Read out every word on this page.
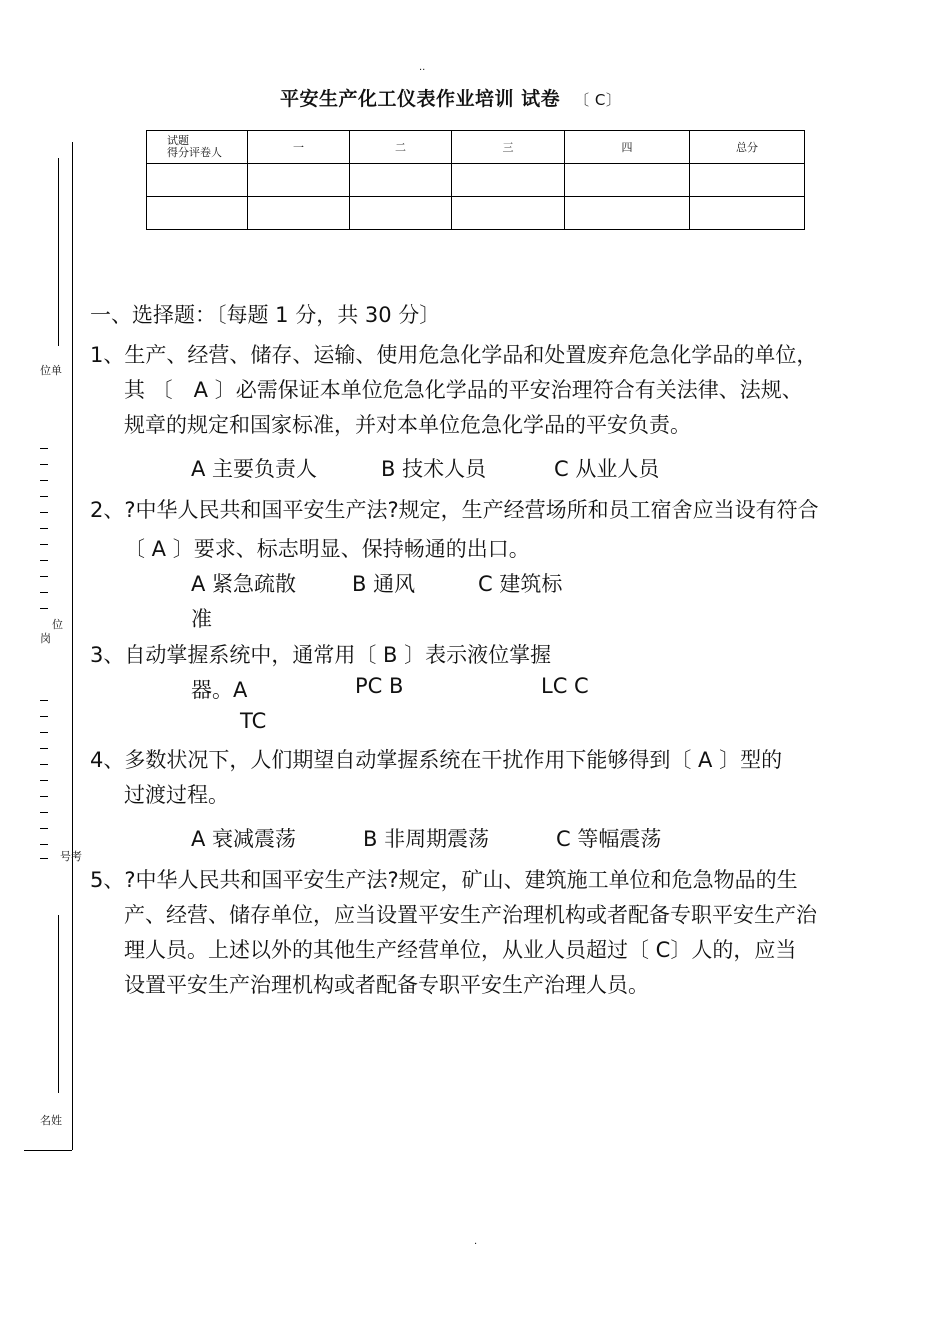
..
平安生产化工仪表作业培训 试卷 〔 C〕
试题
得分评卷人	一	二	三	四	总分

位单
位
岗
号考
名姓
一、选择题：〔每题 1 分，共 30 分〕
1、生产、经营、储存、运输、使用危急化学品和处置废弃危急化学品的单位，
其 〔　A 〕必需保证本单位危急化学品的平安治理符合有关法律、法规、
规章的规定和国家标准，并对本单位危急化学品的平安负责。
A 主要负责人	B 技术人员	C 从业人员
2、?中华人民共和国平安生产法?规定，生产经营场所和员工宿舍应当设有符合
〔 A 〕要求、标志明显、保持畅通的出口。
A 紧急疏散	B 通风	C 建筑标
准
3、自动掌握系统中，通常用〔 B 〕表示液位掌握
器。A	PC B	LC C
TC
4、多数状况下，人们期望自动掌握系统在干扰作用下能够得到〔 A 〕型的
过渡过程。
A 衰减震荡	B 非周期震荡	C 等幅震荡
5、?中华人民共和国平安生产法?规定，矿山、建筑施工单位和危急物品的生
产、经营、储存单位，应当设置平安生产治理机构或者配备专职平安生产治
理人员。上述以外的其他生产经营单位，从业人员超过〔 C〕人的，应当
设置平安生产治理机构或者配备专职平安生产治理人员。
.
